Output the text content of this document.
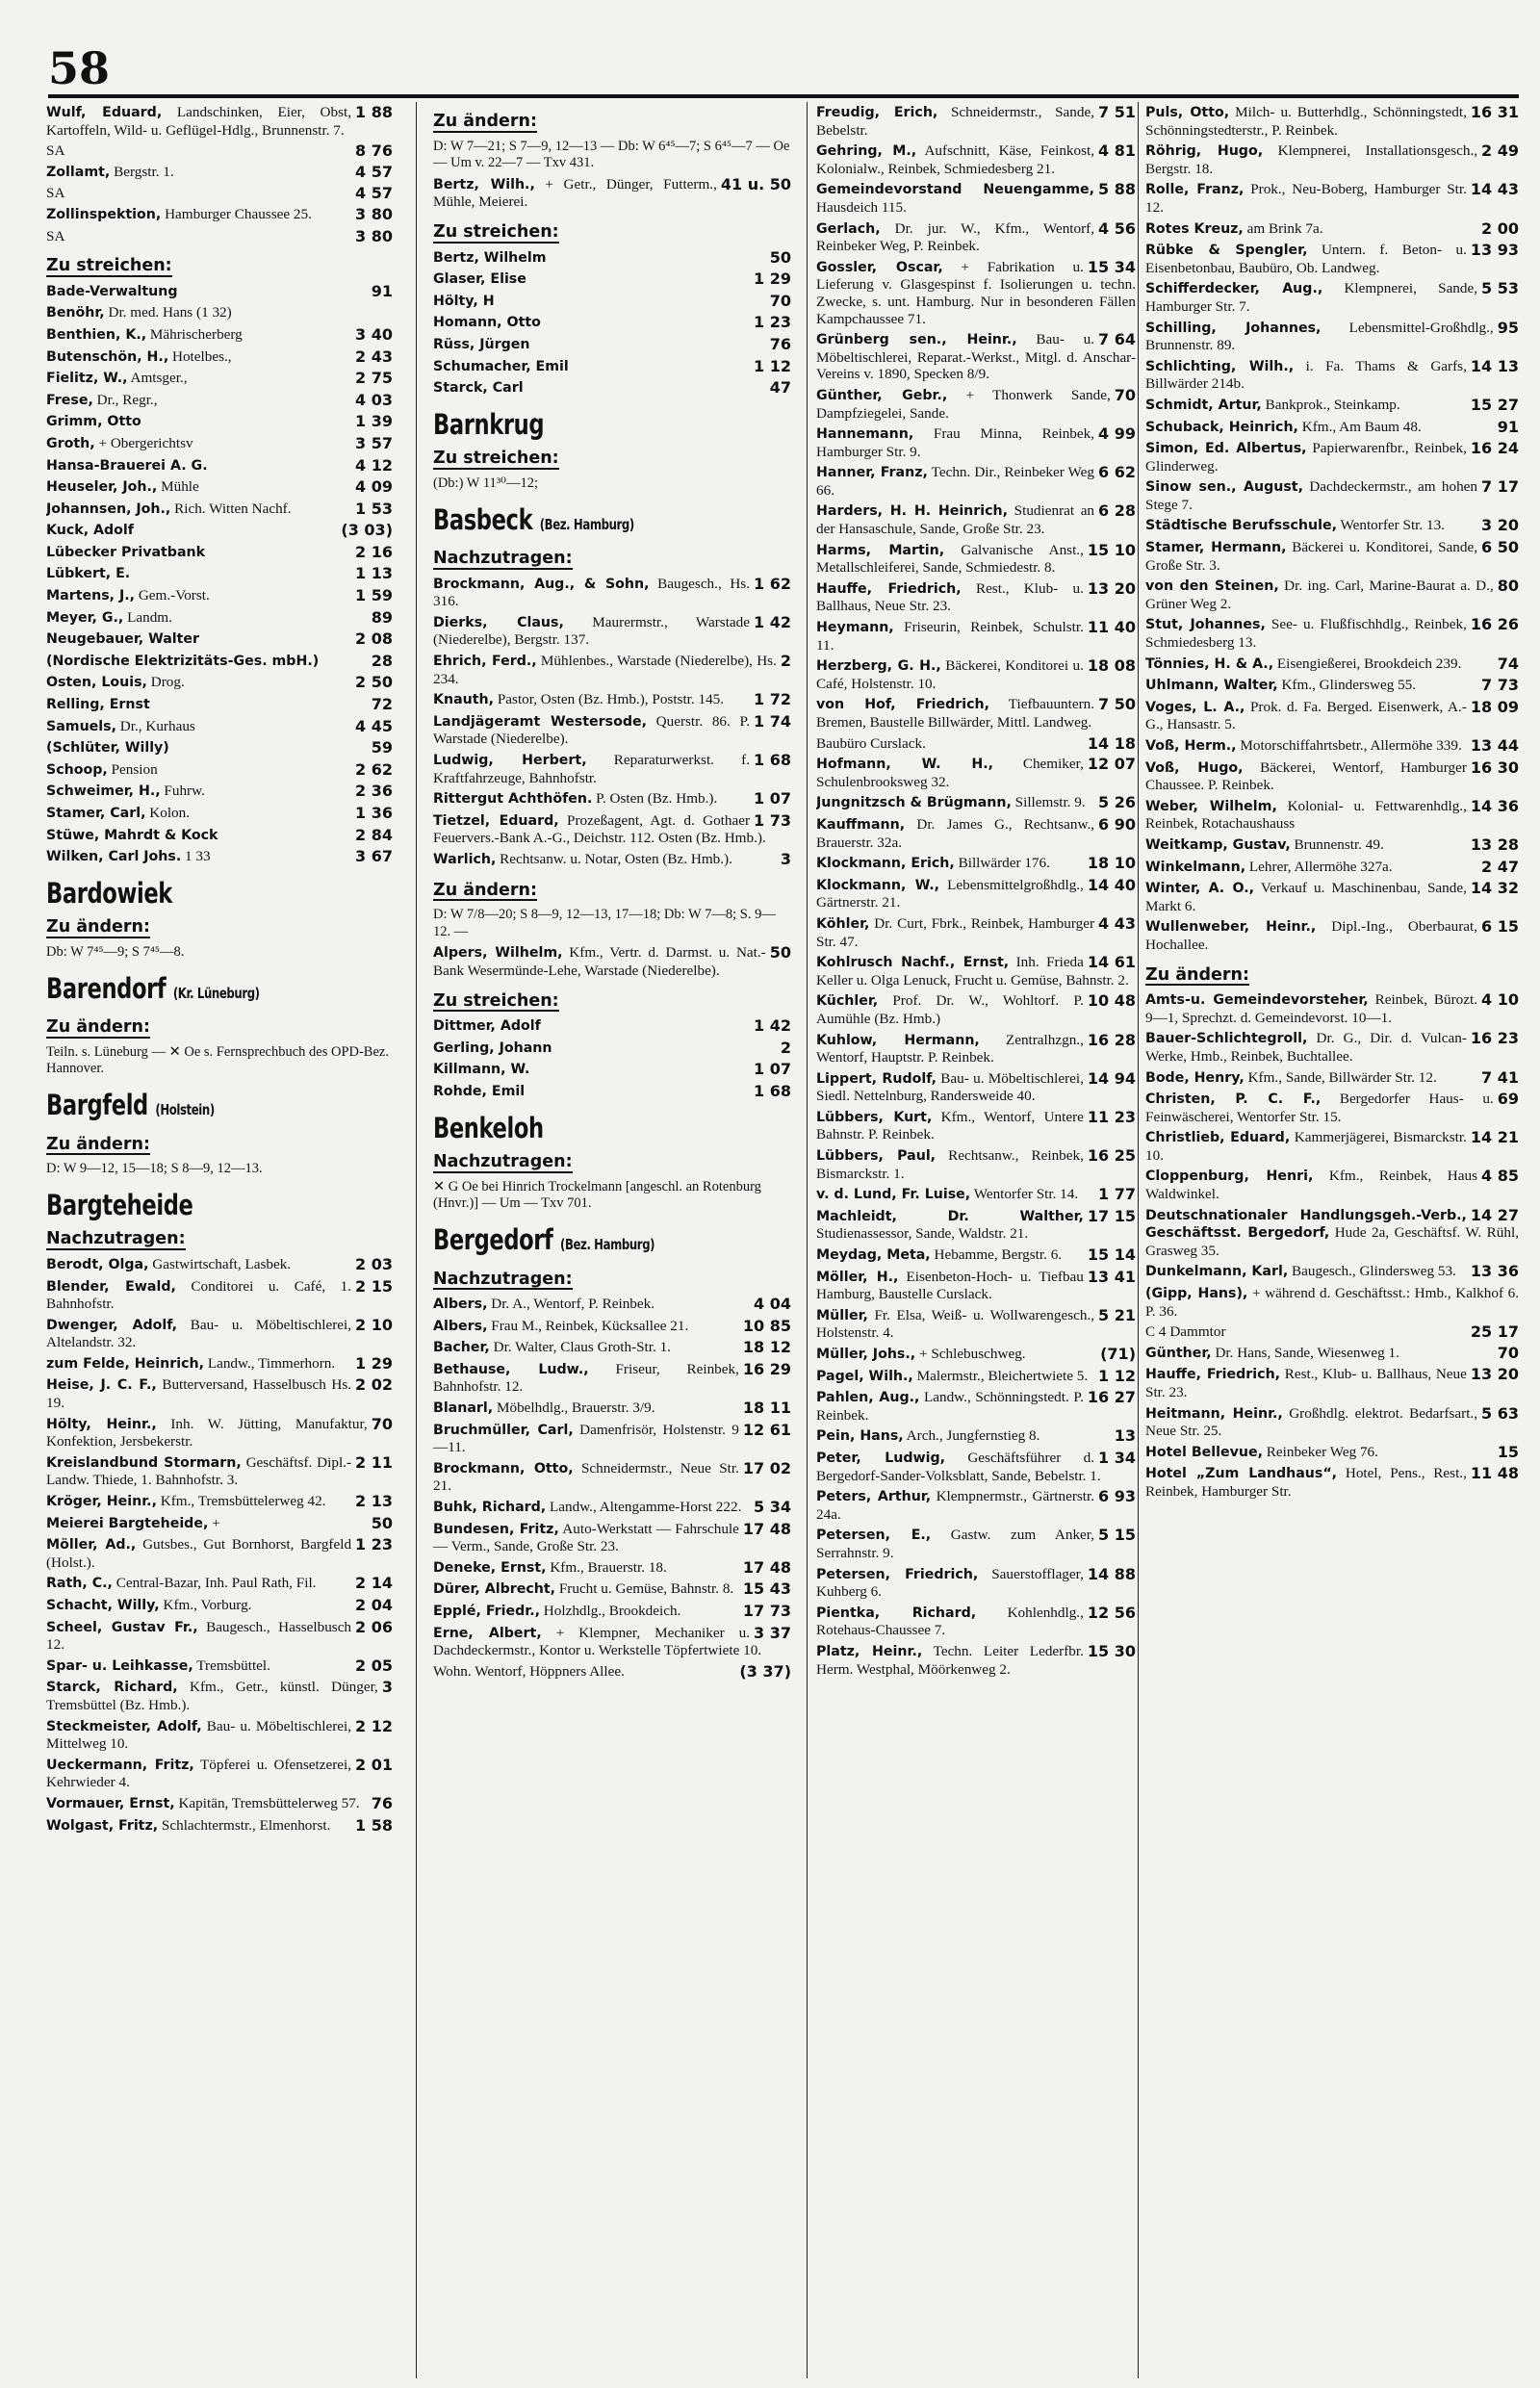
58
1 88
Wulf, Eduard, Landschinken, Eier, Obst, Kartoffeln, Wild- u. Geflügel-Hdlg., Brunnenstr. 7.
8 76
SA
4 57
Zollamt, Bergstr. 1.
4 57
SA
3 80
Zollinspektion, Hamburger Chaussee 25.
3 80
SA
Zu streichen:
91
Bade-Verwaltung
Benöhr, Dr. med. Hans (1 32)
3 40
Benthien, K., Mährischerberg
2 43
Butenschön, H., Hotelbes.,
2 75
Fielitz, W., Amtsger.,
4 03
Frese, Dr., Regr.,
1 39
Grimm, Otto
3 57
Groth, + Obergerichtsv
4 12
Hansa-Brauerei A. G.
4 09
Heuseler, Joh., Mühle
1 53
Johannsen, Joh., Rich. Witten Nachf.
(3 03)
Kuck, Adolf
2 16
Lübecker Privatbank
1 13
Lübkert, E.
1 59
Martens, J., Gem.-Vorst.
89
Meyer, G., Landm.
2 08
Neugebauer, Walter
28
(Nordische Elektrizitäts-Ges. mbH.)
2 50
Osten, Louis, Drog.
72
Relling, Ernst
4 45
Samuels, Dr., Kurhaus
59
(Schlüter, Willy)
2 62
Schoop, Pension
2 36
Schweimer, H., Fuhrw.
1 36
Stamer, Carl, Kolon.
2 84
Stüwe, Mahrdt & Kock
3 67
Wilken, Carl Johs. 1 33
Bardowiek
Zu ändern:
Db: W 7⁴⁵—9; S 7⁴⁵—8.
Barendorf (Kr. Lüneburg)
Zu ändern:
Teiln. s. Lüneburg — ✕ Oe s. Fernsprechbuch des OPD-Bez. Hannover.
Bargfeld (Holstein)
Zu ändern:
D: W 9—12, 15—18; S 8—9, 12—13.
Bargteheide
Nachzutragen:
2 03
Berodt, Olga, Gastwirtschaft, Lasbek.
2 15
Blender, Ewald, Conditorei u. Café, 1. Bahnhofstr.
2 10
Dwenger, Adolf, Bau- u. Möbeltischlerei, Altelandstr. 32.
1 29
zum Felde, Heinrich, Landw., Timmerhorn.
2 02
Heise, J. C. F., Butterversand, Hasselbusch Hs. 19.
70
Hölty, Heinr., Inh. W. Jütting, Manufaktur, Konfektion, Jersbekerstr.
2 11
Kreislandbund Stormarn, Geschäftsf. Dipl.-Landw. Thiede, 1. Bahnhofstr. 3.
2 13
Kröger, Heinr., Kfm., Tremsbüttelerweg 42.
50
Meierei Bargteheide, +
1 23
Möller, Ad., Gutsbes., Gut Bornhorst, Bargfeld (Holst.).
2 14
Rath, C., Central-Bazar, Inh. Paul Rath, Fil.
2 04
Schacht, Willy, Kfm., Vorburg.
2 06
Scheel, Gustav Fr., Baugesch., Hasselbusch 12.
2 05
Spar- u. Leihkasse, Tremsbüttel.
3
Starck, Richard, Kfm., Getr., künstl. Dünger, Tremsbüttel (Bz. Hmb.).
2 12
Steckmeister, Adolf, Bau- u. Möbeltischlerei, Mittelweg 10.
2 01
Ueckermann, Fritz, Töpferei u. Ofensetzerei, Kehrwieder 4.
76
Vormauer, Ernst, Kapitän, Tremsbüttelerweg 57.
1 58
Wolgast, Fritz, Schlachtermstr., Elmenhorst.
Zu ändern:
D: W 7—21; S 7—9, 12—13 — Db: W 6⁴⁵—7; S 6⁴⁵—7 — Oe — Um v. 22—7 — Txv 431.
41 u. 50
Bertz, Wilh., + Getr., Dünger, Futterm., Mühle, Meierei.
Zu streichen:
50
Bertz, Wilhelm
1 29
Glaser, Elise
70
Hölty, H
1 23
Homann, Otto
76
Rüss, Jürgen
1 12
Schumacher, Emil
47
Starck, Carl
Barnkrug
Zu streichen:
(Db:) W 11³⁰—12;
Basbeck (Bez. Hamburg)
Nachzutragen:
1 62
Brockmann, Aug., & Sohn, Baugesch., Hs. 316.
1 42
Dierks, Claus, Maurermstr., Warstade (Niederelbe), Bergstr. 137.
2
Ehrich, Ferd., Mühlenbes., Warstade (Niederelbe), Hs. 234.
1 72
Knauth, Pastor, Osten (Bz. Hmb.), Poststr. 145.
1 74
Landjägeramt Westersode, Querstr. 86. P. Warstade (Niederelbe).
1 68
Ludwig, Herbert, Reparaturwerkst. f. Kraftfahrzeuge, Bahnhofstr.
1 07
Rittergut Achthöfen. P. Osten (Bz. Hmb.).
1 73
Tietzel, Eduard, Prozeßagent, Agt. d. Gothaer Feuervers.-Bank A.-G., Deichstr. 112. Osten (Bz. Hmb.).
3
Warlich, Rechtsanw. u. Notar, Osten (Bz. Hmb.).
Zu ändern:
D: W 7/8—20; S 8—9, 12—13, 17—18; Db: W 7—8; S. 9—12. —
50
Alpers, Wilhelm, Kfm., Vertr. d. Darmst. u. Nat.-Bank Wesermünde-Lehe, Warstade (Niederelbe).
Zu streichen:
1 42
Dittmer, Adolf
2
Gerling, Johann
1 07
Killmann, W.
1 68
Rohde, Emil
Benkeloh
Nachzutragen:
✕ G Oe bei Hinrich Trockelmann [angeschl. an Rotenburg (Hnvr.)] — Um — Txv 701.
Bergedorf (Bez. Hamburg)
Nachzutragen:
4 04
Albers, Dr. A., Wentorf, P. Reinbek.
10 85
Albers, Frau M., Reinbek, Kücksallee 21.
18 12
Bacher, Dr. Walter, Claus Groth-Str. 1.
16 29
Bethause, Ludw., Friseur, Reinbek, Bahnhofstr. 12.
18 11
Blanarl, Möbelhdlg., Brauerstr. 3/9.
12 61
Bruchmüller, Carl, Damenfrisör, Holstenstr. 9—11.
17 02
Brockmann, Otto, Schneidermstr., Neue Str. 21.
5 34
Buhk, Richard, Landw., Altengamme-Horst 222.
17 48
Bundesen, Fritz, Auto-Werkstatt — Fahrschule — Verm., Sande, Große Str. 23.
17 48
Deneke, Ernst, Kfm., Brauerstr. 18.
15 43
Dürer, Albrecht, Frucht u. Gemüse, Bahnstr. 8.
17 73
Epplé, Friedr., Holzhdlg., Brookdeich.
3 37
Erne, Albert, + Klempner, Mechaniker u. Dachdeckermstr., Kontor u. Werkstelle Töpfertwiete 10.
(3 37)
Wohn. Wentorf, Höppners Allee.
7 51
Freudig, Erich, Schneidermstr., Sande, Bebelstr.
4 81
Gehring, M., Aufschnitt, Käse, Feinkost, Kolonialw., Reinbek, Schmiedesberg 21.
5 88
Gemeindevorstand Neuengamme, Hausdeich 115.
4 56
Gerlach, Dr. jur. W., Kfm., Wentorf, Reinbeker Weg, P. Reinbek.
15 34
Gossler, Oscar, + Fabrikation u. Lieferung v. Glasgespinst f. Isolierungen u. techn. Zwecke, s. unt. Hamburg. Nur in besonderen Fällen Kampchaussee 71.
7 64
Grünberg sen., Heinr., Bau- u. Möbeltischlerei, Reparat.-Werkst., Mitgl. d. Anschar-Vereins v. 1890, Specken 8/9.
70
Günther, Gebr., + Thonwerk Sande, Dampfziegelei, Sande.
4 99
Hannemann, Frau Minna, Reinbek, Hamburger Str. 9.
6 62
Hanner, Franz, Techn. Dir., Reinbeker Weg 66.
6 28
Harders, H. H. Heinrich, Studienrat an der Hansaschule, Sande, Große Str. 23.
15 10
Harms, Martin, Galvanische Anst., Metallschleiferei, Sande, Schmiedestr. 8.
13 20
Hauffe, Friedrich, Rest., Klub- u. Ballhaus, Neue Str. 23.
11 40
Heymann, Friseurin, Reinbek, Schulstr. 11.
18 08
Herzberg, G. H., Bäckerei, Konditorei u. Café, Holstenstr. 10.
7 50
von Hof, Friedrich, Tiefbauuntern. Bremen, Baustelle Billwärder, Mittl. Landweg.
14 18
Baubüro Curslack.
12 07
Hofmann, W. H., Chemiker, Schulenbrooksweg 32.
5 26
Jungnitzsch & Brügmann, Sillemstr. 9.
6 90
Kauffmann, Dr. James G., Rechtsanw., Brauerstr. 32a.
18 10
Klockmann, Erich, Billwärder 176.
14 40
Klockmann, W., Lebensmittelgroßhdlg., Gärtnerstr. 21.
4 43
Köhler, Dr. Curt, Fbrk., Reinbek, Hamburger Str. 47.
14 61
Kohlrusch Nachf., Ernst, Inh. Frieda Keller u. Olga Lenuck, Frucht u. Gemüse, Bahnstr. 2.
10 48
Küchler, Prof. Dr. W., Wohltorf. P. Aumühle (Bz. Hmb.)
16 28
Kuhlow, Hermann, Zentralhzgn., Wentorf, Hauptstr. P. Reinbek.
14 94
Lippert, Rudolf, Bau- u. Möbeltischlerei, Siedl. Nettelnburg, Randersweide 40.
11 23
Lübbers, Kurt, Kfm., Wentorf, Untere Bahnstr. P. Reinbek.
16 25
Lübbers, Paul, Rechtsanw., Reinbek, Bismarckstr. 1.
1 77
v. d. Lund, Fr. Luise, Wentorfer Str. 14.
17 15
Machleidt, Dr. Walther, Studienassessor, Sande, Waldstr. 21.
15 14
Meydag, Meta, Hebamme, Bergstr. 6.
13 41
Möller, H., Eisenbeton-Hoch- u. Tiefbau Hamburg, Baustelle Curslack.
5 21
Müller, Fr. Elsa, Weiß- u. Wollwarengesch., Holstenstr. 4.
(71)
Müller, Johs., + Schlebuschweg.
1 12
Pagel, Wilh., Malermstr., Bleichertwiete 5.
16 27
Pahlen, Aug., Landw., Schönningstedt. P. Reinbek.
13
Pein, Hans, Arch., Jungfernstieg 8.
1 34
Peter, Ludwig, Geschäftsführer d. Bergedorf-Sander-Volksblatt, Sande, Bebelstr. 1.
6 93
Peters, Arthur, Klempnermstr., Gärtnerstr. 24a.
5 15
Petersen, E., Gastw. zum Anker, Serrahnstr. 9.
14 88
Petersen, Friedrich, Sauerstofflager, Kuhberg 6.
12 56
Pientka, Richard, Kohlenhdlg., Rotehaus-Chaussee 7.
15 30
Platz, Heinr., Techn. Leiter Lederfbr. Herm. Westphal, Möörkenweg 2.
16 31
Puls, Otto, Milch- u. Butterhdlg., Schönningstedt, Schönningstedterstr., P. Reinbek.
2 49
Röhrig, Hugo, Klempnerei, Installationsgesch., Bergstr. 18.
14 43
Rolle, Franz, Prok., Neu-Boberg, Hamburger Str. 12.
2 00
Rotes Kreuz, am Brink 7a.
13 93
Rübke & Spengler, Untern. f. Beton- u. Eisenbetonbau, Baubüro, Ob. Landweg.
5 53
Schifferdecker, Aug., Klempnerei, Sande, Hamburger Str. 7.
95
Schilling, Johannes, Lebensmittel-Großhdlg., Brunnenstr. 89.
14 13
Schlichting, Wilh., i. Fa. Thams & Garfs, Billwärder 214b.
15 27
Schmidt, Artur, Bankprok., Steinkamp.
91
Schuback, Heinrich, Kfm., Am Baum 48.
16 24
Simon, Ed. Albertus, Papierwarenfbr., Reinbek, Glinderweg.
7 17
Sinow sen., August, Dachdeckermstr., am hohen Stege 7.
3 20
Städtische Berufsschule, Wentorfer Str. 13.
6 50
Stamer, Hermann, Bäckerei u. Konditorei, Sande, Große Str. 3.
80
von den Steinen, Dr. ing. Carl, Marine-Baurat a. D., Grüner Weg 2.
16 26
Stut, Johannes, See- u. Flußfischhdlg., Reinbek, Schmiedesberg 13.
74
Tönnies, H. & A., Eisengießerei, Brookdeich 239.
7 73
Uhlmann, Walter, Kfm., Glindersweg 55.
18 09
Voges, L. A., Prok. d. Fa. Berged. Eisenwerk, A.-G., Hansastr. 5.
13 44
Voß, Herm., Motorschiffahrtsbetr., Allermöhe 339.
16 30
Voß, Hugo, Bäckerei, Wentorf, Hamburger Chaussee. P. Reinbek.
14 36
Weber, Wilhelm, Kolonial- u. Fettwarenhdlg., Reinbek, Rotachaushauss
13 28
Weitkamp, Gustav, Brunnenstr. 49.
2 47
Winkelmann, Lehrer, Allermöhe 327a.
14 32
Winter, A. O., Verkauf u. Maschinenbau, Sande, Markt 6.
6 15
Wullenweber, Heinr., Dipl.-Ing., Oberbaurat, Hochallee.
Zu ändern:
4 10
Amts-u. Gemeindevorsteher, Reinbek, Bürozt. 9—1, Sprechzt. d. Gemeindevorst. 10—1.
16 23
Bauer-Schlichtegroll, Dr. G., Dir. d. Vulcan-Werke, Hmb., Reinbek, Buchtallee.
7 41
Bode, Henry, Kfm., Sande, Billwärder Str. 12.
69
Christen, P. C. F., Bergedorfer Haus- u. Feinwäscherei, Wentorfer Str. 15.
14 21
Christlieb, Eduard, Kammerjägerei, Bismarckstr. 10.
4 85
Cloppenburg, Henri, Kfm., Reinbek, Haus Waldwinkel.
14 27
Deutschnationaler Handlungsgeh.-Verb., Geschäftsst. Bergedorf, Hude 2a, Geschäftsf. W. Rühl, Grasweg 35.
13 36
Dunkelmann, Karl, Baugesch., Glindersweg 53.
(Gipp, Hans), + während d. Geschäftsst.: Hmb., Kalkhof 6. P. 36.
25 17
C 4 Dammtor
70
Günther, Dr. Hans, Sande, Wiesenweg 1.
13 20
Hauffe, Friedrich, Rest., Klub- u. Ballhaus, Neue Str. 23.
5 63
Heitmann, Heinr., Großhdlg. elektrot. Bedarfsart., Neue Str. 25.
15
Hotel Bellevue, Reinbeker Weg 76.
11 48
Hotel „Zum Landhaus“, Hotel, Pens., Rest., Reinbek, Hamburger Str.
